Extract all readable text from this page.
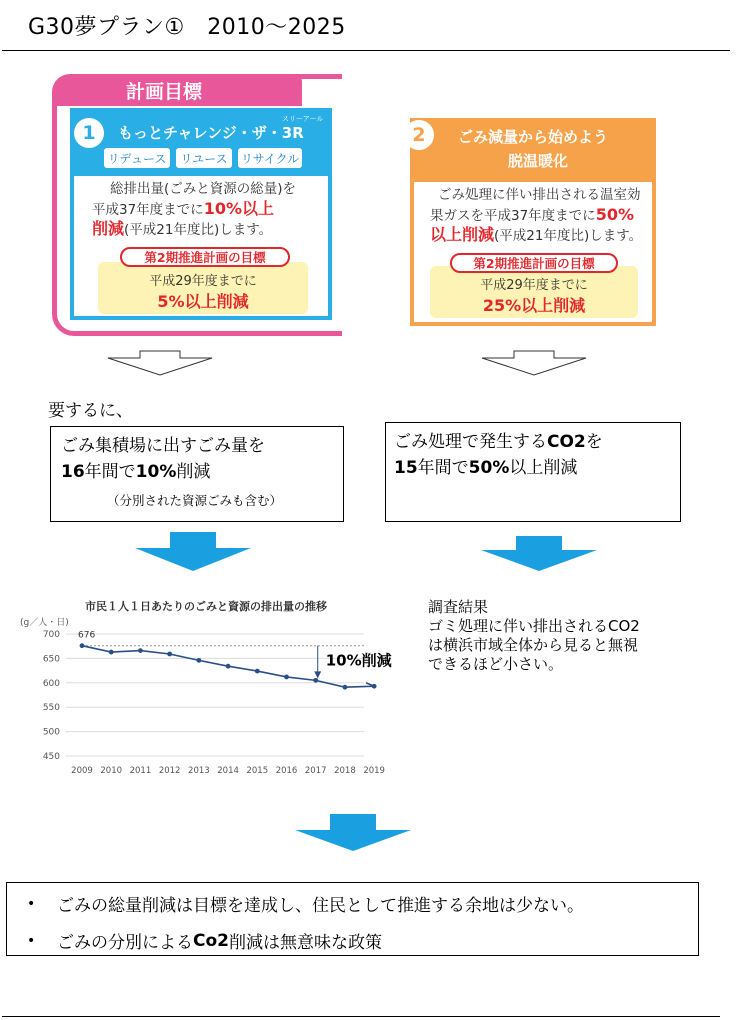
G30夢プラン①　2010〜2025
計画目標
1	もっとチャレンジ・ザ・3R
スリーアール
リデュース	リユース	リサイクル
総排出量(ごみと資源の総量)を
平成37年度までに10%以上
削減(平成21年度比)します。
平成29年度までに
5%以上削減
第2期推進計画の目標
2	ごみ減量から始めよう
脱温暖化
ごみ処理に伴い排出される温室効
果ガスを平成37年度までに50%
以上削減(平成21年度比)します。
平成29年度までに
25%以上削減
第2期推進計画の目標
要するに、
ごみ集積場に出すごみ量を
16年間で10%削減
（分別された資源ごみも含む）
ごみ処理で発生するCO2を
15年間で50%以上削減
市民１人１日あたりのごみと資源の排出量の推移
(g／人・日)
700
650
600
550
500
450
2009 2010 2011 2012 2013 2014 2015 2016 2017 2018 2019
676
10%削減
調査結果
ゴミ処理に伴い排出されるCO2
は横浜市域全体から見ると無視
できるほど小さい。
•	ごみの総量削減は目標を達成し、住民として推進する余地は少ない。
•	ごみの分別による Co2 削減は無意味な政策
